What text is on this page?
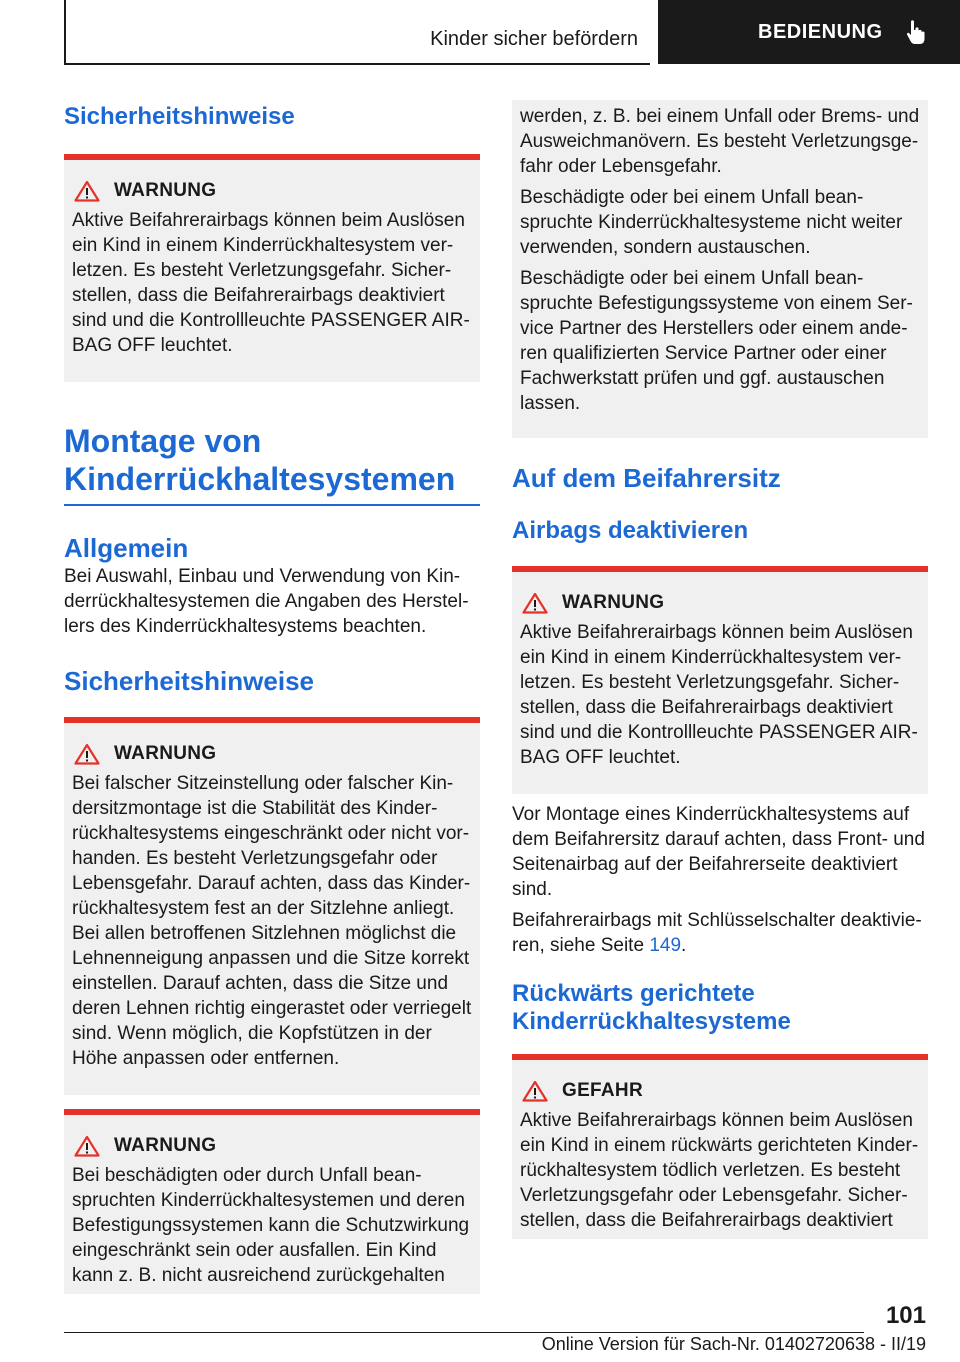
Kinder sicher befördern	BEDIENUNG
Sicherheitshinweise
WARNUNG
Aktive Beifahrerairbags können beim Auslösen ein Kind in einem Kinderrückhaltesystem verletzen. Es besteht Verletzungsgefahr. Sicherstellen, dass die Beifahrerairbags deaktiviert sind und die Kontrollleuchte PASSENGER AIRBAG OFF leuchtet.
Montage von Kinderrückhaltesystemen
Allgemein
Bei Auswahl, Einbau und Verwendung von Kinderrückhaltesystemen die Angaben des Herstellers des Kinderrückhaltesystems beachten.
Sicherheitshinweise
WARNUNG
Bei falscher Sitzeinstellung oder falscher Kindersitzmontage ist die Stabilität des Kinderrückhaltesystems eingeschränkt oder nicht vorhanden. Es besteht Verletzungsgefahr oder Lebensgefahr. Darauf achten, dass das Kinderrückhaltesystem fest an der Sitzlehne anliegt. Bei allen betroffenen Sitzlehnen möglichst die Lehnenneigung anpassen und die Sitze korrekt einstellen. Darauf achten, dass die Sitze und deren Lehnen richtig eingerastet oder verriegelt sind. Wenn möglich, die Kopfstützen in der Höhe anpassen oder entfernen.
WARNUNG
Bei beschädigten oder durch Unfall beanspruchten Kinderrückhaltesystemen und deren Befestigungssystemen kann die Schutzwirkung eingeschränkt sein oder ausfallen. Ein Kind kann z. B. nicht ausreichend zurückgehalten
werden, z. B. bei einem Unfall oder Brems- und Ausweichmanövern. Es besteht Verletzungsgefahr oder Lebensgefahr.
Beschädigte oder bei einem Unfall beanspruchte Kinderrückhaltesysteme nicht weiter verwenden, sondern austauschen.
Beschädigte oder bei einem Unfall beanspruchte Befestigungssysteme von einem Service Partner des Herstellers oder einem anderen qualifizierten Service Partner oder einer Fachwerkstatt prüfen und ggf. austauschen lassen.
Auf dem Beifahrersitz
Airbags deaktivieren
WARNUNG
Aktive Beifahrerairbags können beim Auslösen ein Kind in einem Kinderrückhaltesystem verletzen. Es besteht Verletzungsgefahr. Sicherstellen, dass die Beifahrerairbags deaktiviert sind und die Kontrollleuchte PASSENGER AIRBAG OFF leuchtet.
Vor Montage eines Kinderrückhaltesystems auf dem Beifahrersitz darauf achten, dass Front- und Seitenairbag auf der Beifahrerseite deaktiviert sind.
Beifahrerairbags mit Schlüsselschalter deaktivieren, siehe Seite 149.
Rückwärts gerichtete Kinderrückhaltesysteme
GEFAHR
Aktive Beifahrerairbags können beim Auslösen ein Kind in einem rückwärts gerichteten Kinderrückhaltesystem tödlich verletzen. Es besteht Verletzungsgefahr oder Lebensgefahr. Sicherstellen, dass die Beifahrerairbags deaktiviert
101
Online Version für Sach-Nr. 01402720638 - II/19
